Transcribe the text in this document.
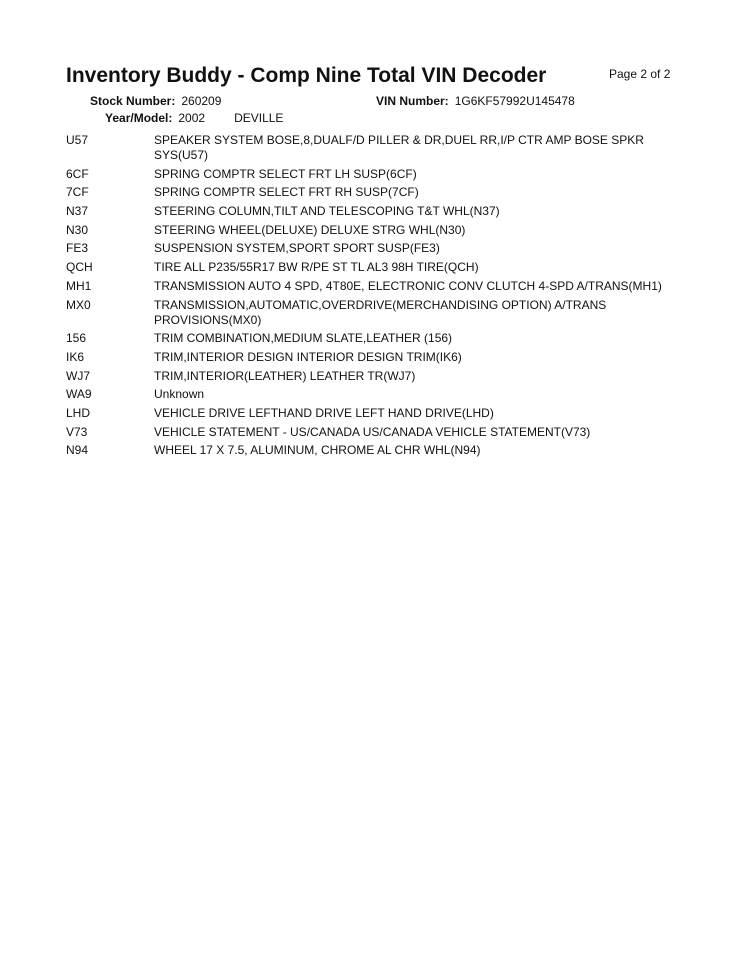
Inventory Buddy - Comp Nine Total VIN Decoder	Page 2 of 2
Stock Number: 260209
Year/Model: 2002 DEVILLE
VIN Number: 1G6KF57992U145478
U57	SPEAKER SYSTEM BOSE,8,DUALF/D PILLER & DR,DUEL RR,I/P CTR AMP BOSE SPKR SYS(U57)
6CF	SPRING COMPTR SELECT FRT LH SUSP(6CF)
7CF	SPRING COMPTR SELECT FRT RH SUSP(7CF)
N37	STEERING COLUMN,TILT AND TELESCOPING T&T WHL(N37)
N30	STEERING WHEEL(DELUXE) DELUXE STRG WHL(N30)
FE3	SUSPENSION SYSTEM,SPORT SPORT SUSP(FE3)
QCH	TIRE ALL P235/55R17 BW R/PE ST TL AL3 98H TIRE(QCH)
MH1	TRANSMISSION AUTO 4 SPD, 4T80E, ELECTRONIC CONV CLUTCH 4-SPD A/TRANS(MH1)
MX0	TRANSMISSION,AUTOMATIC,OVERDRIVE(MERCHANDISING OPTION) A/TRANS PROVISIONS(MX0)
156	TRIM COMBINATION,MEDIUM SLATE,LEATHER (156)
IK6	TRIM,INTERIOR DESIGN INTERIOR DESIGN TRIM(IK6)
WJ7	TRIM,INTERIOR(LEATHER) LEATHER TR(WJ7)
WA9	Unknown
LHD	VEHICLE DRIVE LEFTHAND DRIVE LEFT HAND DRIVE(LHD)
V73	VEHICLE STATEMENT - US/CANADA US/CANADA VEHICLE STATEMENT(V73)
N94	WHEEL 17 X 7.5, ALUMINUM, CHROME AL CHR WHL(N94)
